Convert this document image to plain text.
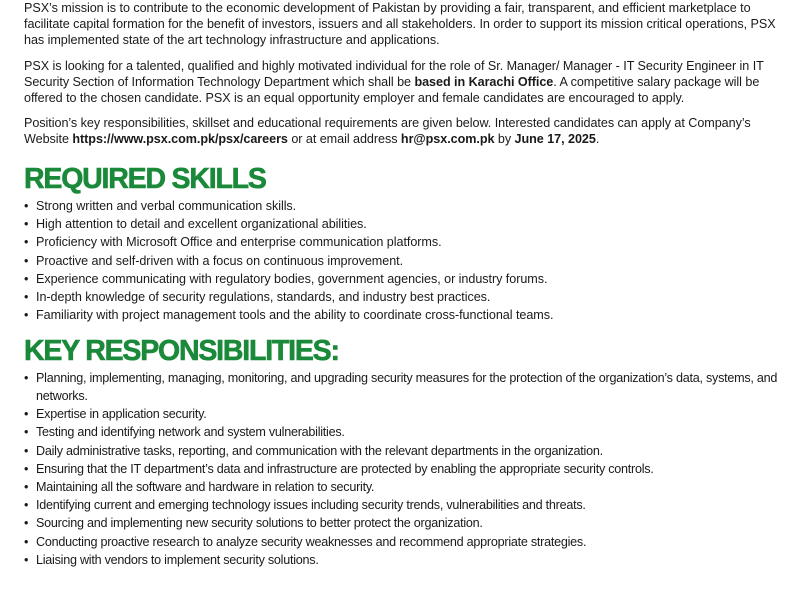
PSX’s mission is to contribute to the economic development of Pakistan by providing a fair, transparent, and efficient marketplace to facilitate capital formation for the benefit of investors, issuers and all stakeholders. In order to support its mission critical operations, PSX has implemented state of the art technology infrastructure and applications.

PSX is looking for a talented, qualified and highly motivated individual for the role of Sr. Manager/ Manager - IT Security Engineer in IT Security Section of Information Technology Department which shall be based in Karachi Office. A competitive salary package will be offered to the chosen candidate. PSX is an equal opportunity employer and female candidates are encouraged to apply.

Position’s key responsibilities, skillset and educational requirements are given below. Interested candidates can apply at Company’s Website https://www.psx.com.pk/psx/careers or at email address hr@psx.com.pk by June 17, 2025.

REQUIRED SKILLS
• Strong written and verbal communication skills.
• High attention to detail and excellent organizational abilities.
• Proficiency with Microsoft Office and enterprise communication platforms.
• Proactive and self-driven with a focus on continuous improvement.
• Experience communicating with regulatory bodies, government agencies, or industry forums.
• In-depth knowledge of security regulations, standards, and industry best practices.
• Familiarity with project management tools and the ability to coordinate cross-functional teams.
KEY RESPONSIBILITIES:
• Planning, implementing, managing, monitoring, and upgrading security measures for the protection of the organization’s data, systems, and networks.
• Expertise in application security.
• Testing and identifying network and system vulnerabilities.
• Daily administrative tasks, reporting, and communication with the relevant departments in the organization.
• Ensuring that the IT department’s data and infrastructure are protected by enabling the appropriate security controls.
• Maintaining all the software and hardware in relation to security.
• Identifying current and emerging technology issues including security trends, vulnerabilities and threats.
• Sourcing and implementing new security solutions to better protect the organization.
• Conducting proactive research to analyze security weaknesses and recommend appropriate strategies.
• Liaising with vendors to implement security solutions.
